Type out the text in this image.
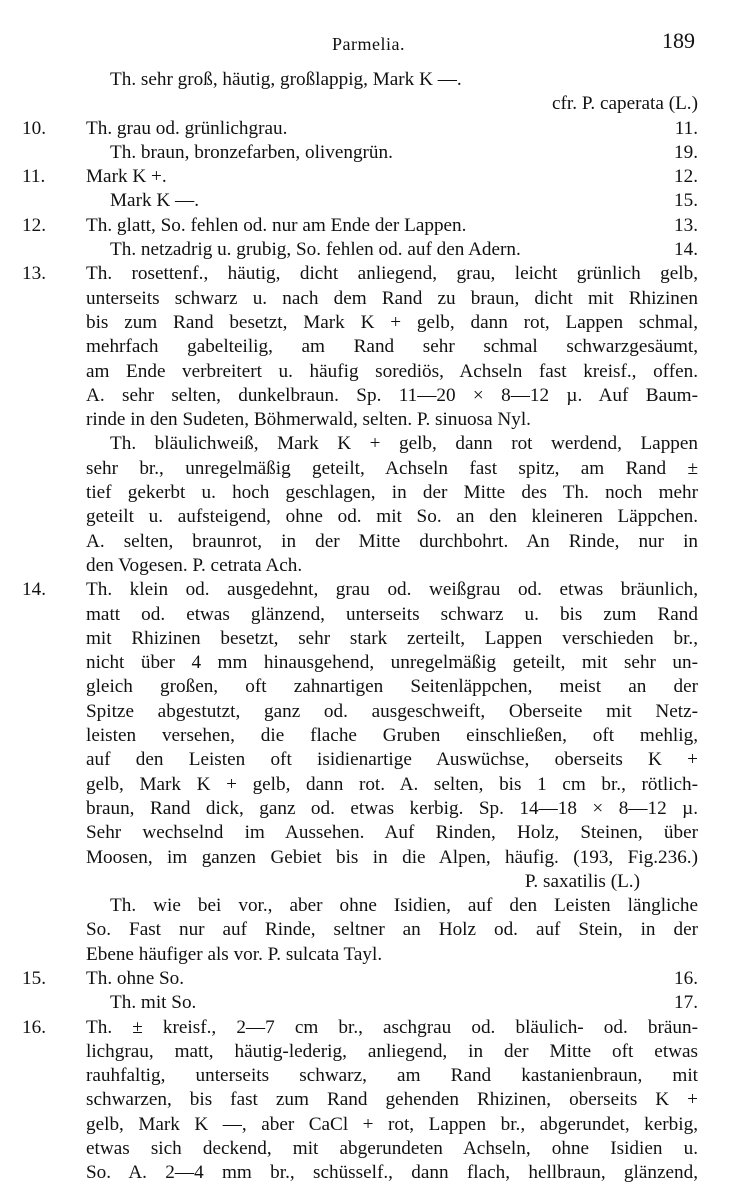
Parmelia.	189
Th. sehr groß, häutig, großlappig, Mark K —.
cfr. P. caperata (L.)
10. Th. grau od. grünlichgrau.	11.
Th. braun, bronzefarben, olivengrün.	19.
11. Mark K +.	12.
Mark K —.	15.
12. Th. glatt, So. fehlen od. nur am Ende der Lappen.	13.
Th. netzadrig u. grubig, So. fehlen od. auf den Adern.	14.
13. Th. rosettenf., häutig, dicht anliegend, grau, leicht grünlich gelb,
unterseits schwarz u. nach dem Rand zu braun, dicht mit Rhizinen
bis zum Rand besetzt, Mark K + gelb, dann rot, Lappen schmal,
mehrfach gabelteilig, am Rand sehr schmal schwarzgesäumt,
am Ende verbreitert u. häufig sorediös, Achseln fast kreisf., offen.
A. sehr selten, dunkelbraun. Sp. 11—20 × 8—12 µ. Auf Baum-
rinde in den Sudeten, Böhmerwald, selten. P. sinuosa Nyl.
Th. bläulichweiß, Mark K + gelb, dann rot werdend, Lappen
sehr br., unregelmäßig geteilt, Achseln fast spitz, am Rand ±
tief gekerbt u. hoch geschlagen, in der Mitte des Th. noch mehr
geteilt u. aufsteigend, ohne od. mit So. an den kleineren Läppchen.
A. selten, braunrot, in der Mitte durchbohrt. An Rinde, nur in
den Vogesen. P. cetrata Ach.
14. Th. klein od. ausgedehnt, grau od. weißgrau od. etwas bräunlich,
matt od. etwas glänzend, unterseits schwarz u. bis zum Rand
mit Rhizinen besetzt, sehr stark zerteilt, Lappen verschieden br.,
nicht über 4 mm hinausgehend, unregelmäßig geteilt, mit sehr un-
gleich großen, oft zahnartigen Seitenläppchen, meist an der
Spitze abgestutzt, ganz od. ausgeschweift, Oberseite mit Netz-
leisten versehen, die flache Gruben einschließen, oft mehlig,
auf den Leisten oft isidienartige Auswüchse, oberseits K +
gelb, Mark K + gelb, dann rot. A. selten, bis 1 cm br., rötlich-
braun, Rand dick, ganz od. etwas kerbig. Sp. 14—18 × 8—12 µ.
Sehr wechselnd im Aussehen. Auf Rinden, Holz, Steinen, über
Moosen, im ganzen Gebiet bis in die Alpen, häufig. (193, Fig.236.)
P. saxatilis (L.)
Th. wie bei vor., aber ohne Isidien, auf den Leisten längliche
So. Fast nur auf Rinde, seltner an Holz od. auf Stein, in der
Ebene häufiger als vor. P. sulcata Tayl.
15. Th. ohne So.	16.
Th. mit So.	17.
16. Th. ± kreisf., 2—7 cm br., aschgrau od. bläulich- od. bräun-
lichgrau, matt, häutig-lederig, anliegend, in der Mitte oft etwas
rauhfaltig, unterseits schwarz, am Rand kastanienbraun, mit
schwarzen, bis fast zum Rand gehenden Rhizinen, oberseits K +
gelb, Mark K —, aber CaCl + rot, Lappen br., abgerundet, kerbig,
etwas sich deckend, mit abgerundeten Achseln, ohne Isidien u.
So. A. 2—4 mm br., schüsself., dann flach, hellbraun, glänzend,
